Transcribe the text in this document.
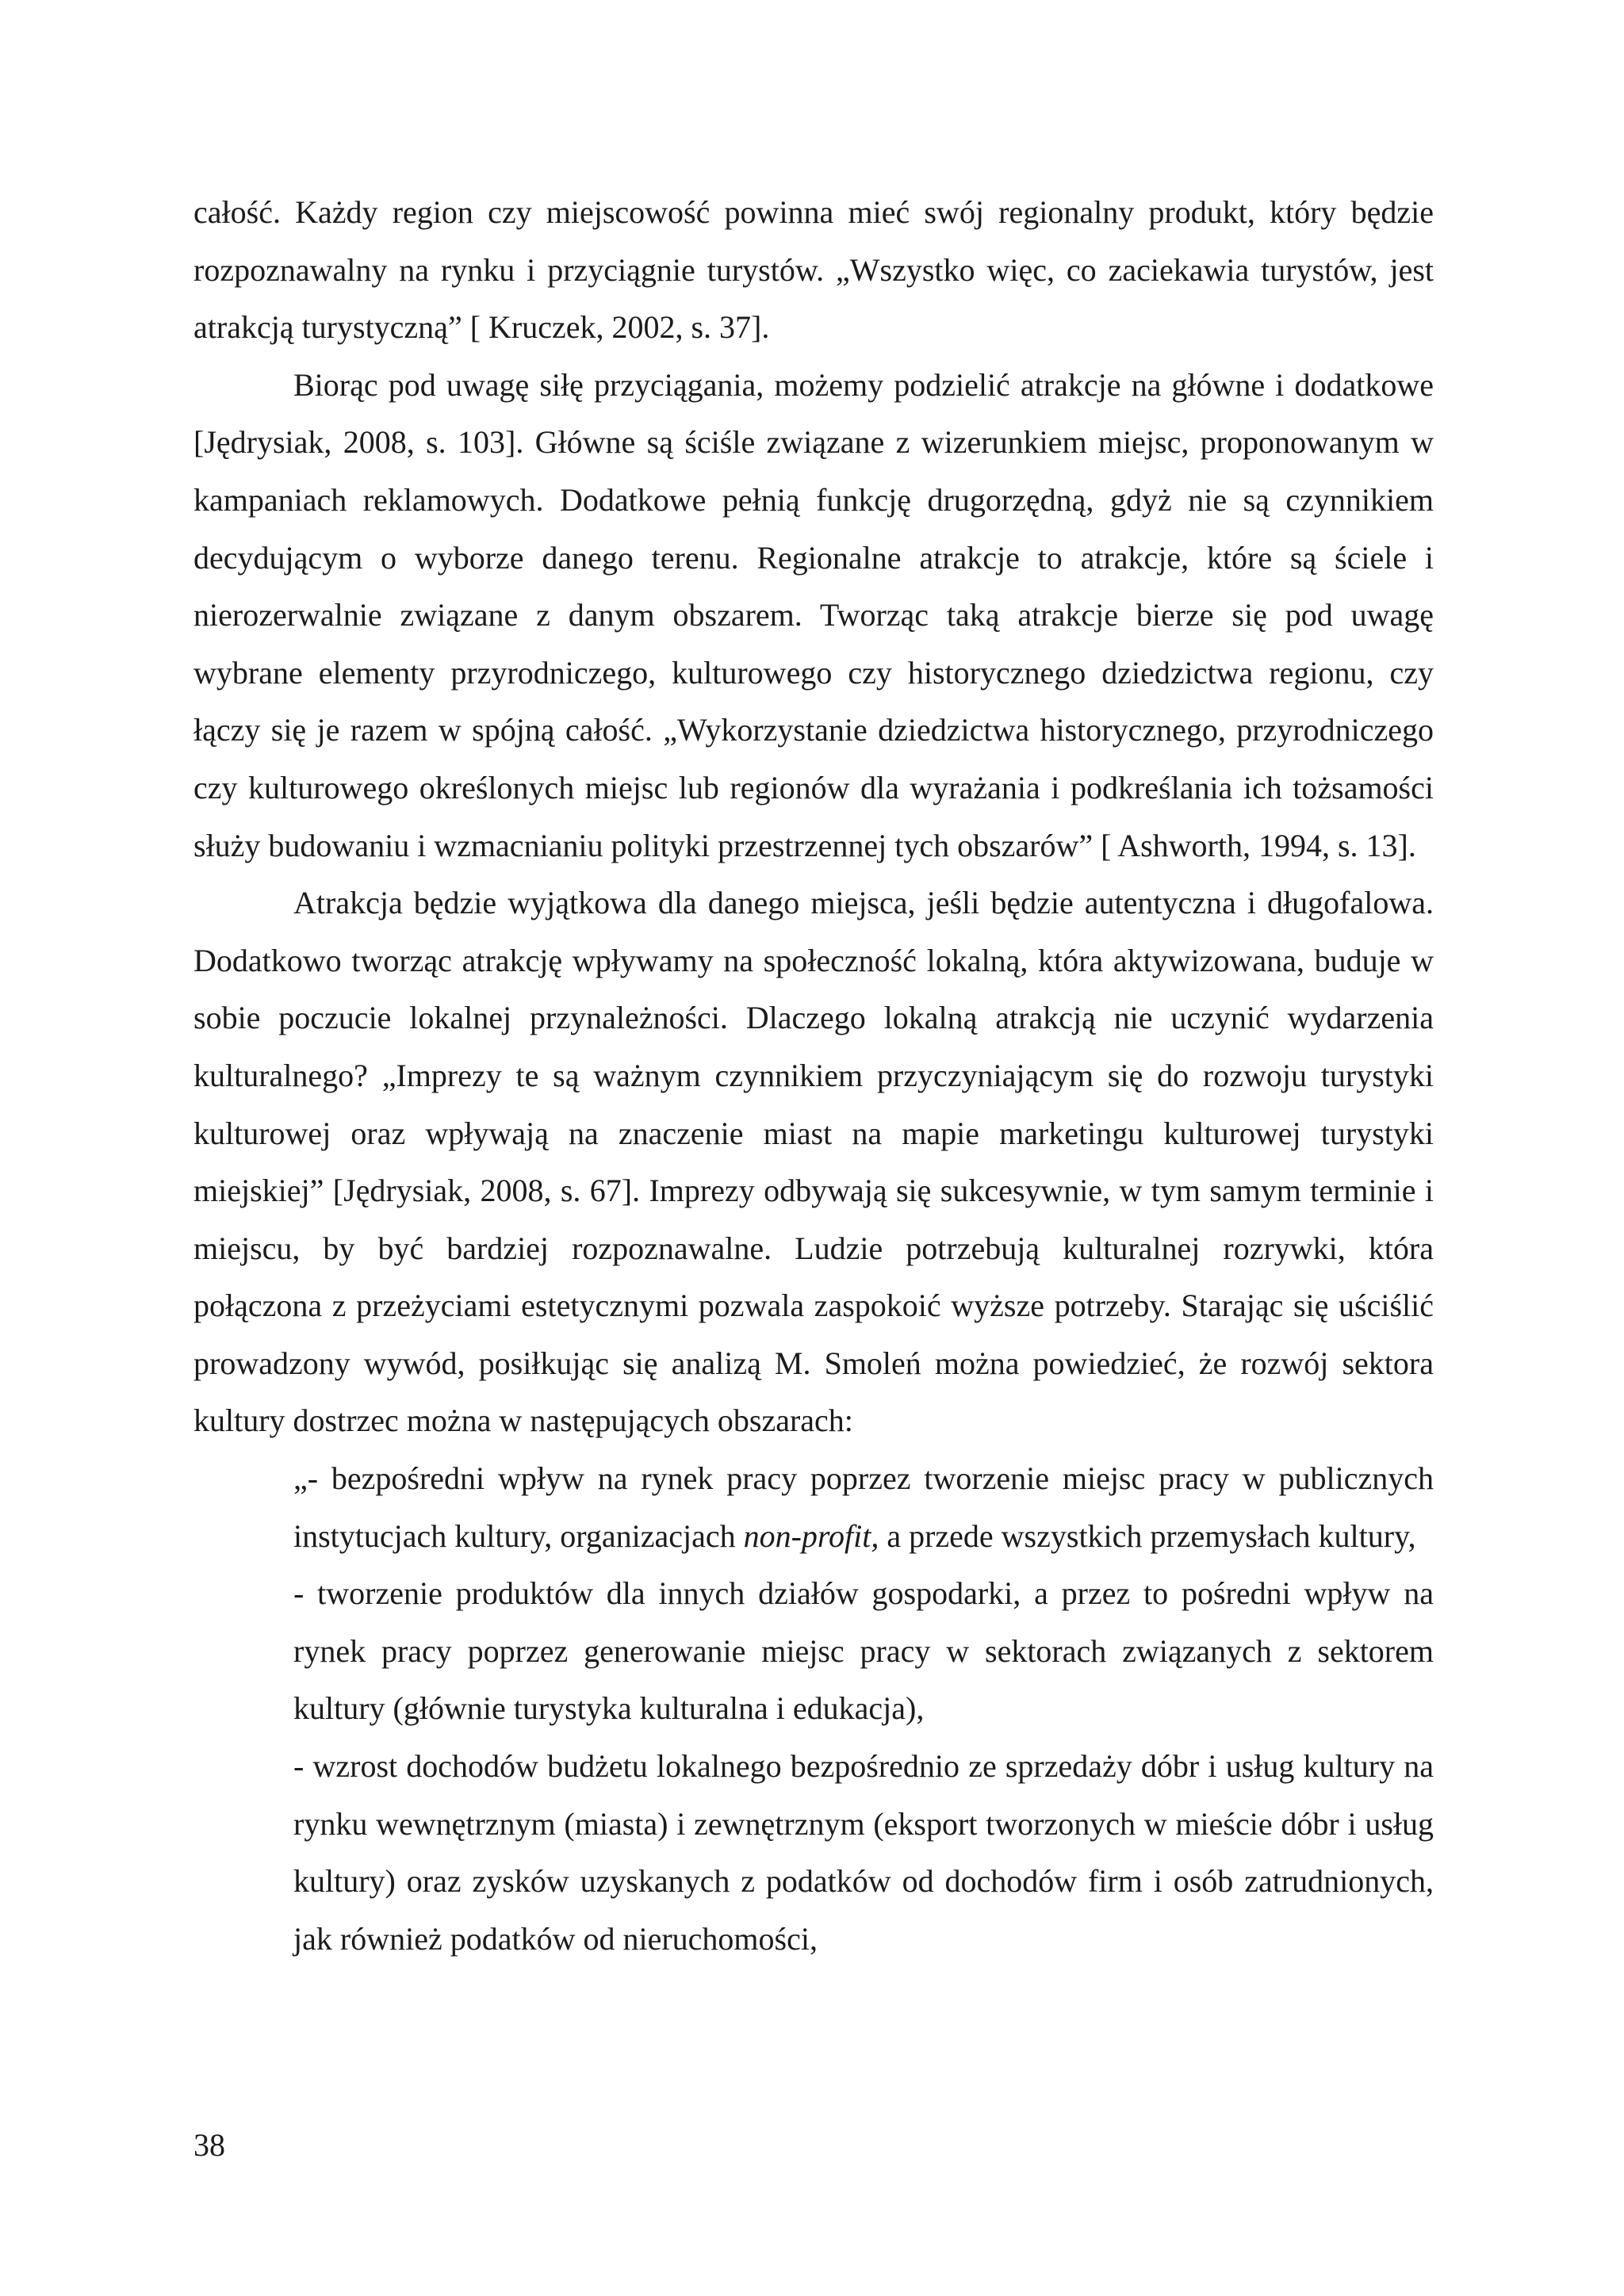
całość. Każdy region czy miejscowość powinna mieć swój regionalny produkt, który będzie rozpoznawalny na rynku i przyciągnie turystów. „Wszystko więc, co zaciekawia turystów, jest atrakcją turystyczną” [ Kruczek, 2002, s. 37].

Biorąc pod uwagę siłę przyciągania, możemy podzielić atrakcje na główne i dodatkowe [Jędrysiak, 2008, s. 103]. Główne są ściśle związane z wizerunkiem miejsc, proponowanym w kampaniach reklamowych. Dodatkowe pełnią funkcję drugorzędną, gdyż nie są czynnikiem decydującym o wyborze danego terenu. Regionalne atrakcje to atrakcje, które są ściele i nierozerwalnie związane z danym obszarem. Tworząc taką atrakcje bierze się pod uwagę wybrane elementy przyrodniczego, kulturowego czy historycznego dziedzictwa regionu, czy łączy się je razem w spójną całość. „Wykorzystanie dziedzictwa historycznego, przyrodniczego czy kulturowego określonych miejsc lub regionów dla wyrażania i podkreślania ich tożsamości służy budowaniu i wzmacnianiu polityki przestrzennej tych obszarów” [ Ashworth, 1994, s. 13].

Atrakcja będzie wyjątkowa dla danego miejsca, jeśli będzie autentyczna i długofalowa. Dodatkowo tworząc atrakcję wpływamy na społeczność lokalną, która aktywizowana, buduje w sobie poczucie lokalnej przynależności. Dlaczego lokalną atrakcją nie uczynić wydarzenia kulturalnego? „Imprezy te są ważnym czynnikiem przyczyniającym się do rozwoju turystyki kulturowej oraz wpływają na znaczenie miast na mapie marketingu kulturowej turystyki miejskiej” [Jędrysiak, 2008, s. 67]. Imprezy odbywają się sukcesywnie, w tym samym terminie i miejscu, by być bardziej rozpoznawalne. Ludzie potrzebują kulturalnej rozrywki, która połączona z przeżyciami estetycznymi pozwala zaspokoić wyższe potrzeby. Starając się uściślić prowadzony wywód, posiłkując się analizą M. Smoleń można powiedzieć, że rozwój sektora kultury dostrzec można w następujących obszarach:

„- bezpośredni wpływ na rynek pracy poprzez tworzenie miejsc pracy w publicznych instytucjach kultury, organizacjach non-profit, a przede wszystkich przemysłach kultury,

- tworzenie produktów dla innych działów gospodarki, a przez to pośredni wpływ na rynek pracy poprzez generowanie miejsc pracy w sektorach związanych z sektorem kultury (głównie turystyka kulturalna i edukacja),

- wzrost dochodów budżetu lokalnego bezpośrednio ze sprzedaży dóbr i usług kultury na rynku wewnętrznym (miasta) i zewnętrznym (eksport tworzonych w mieście dóbr i usług kultury) oraz zysków uzyskanych z podatków od dochodów firm i osób zatrudnionych, jak również podatków od nieruchomości,

38
